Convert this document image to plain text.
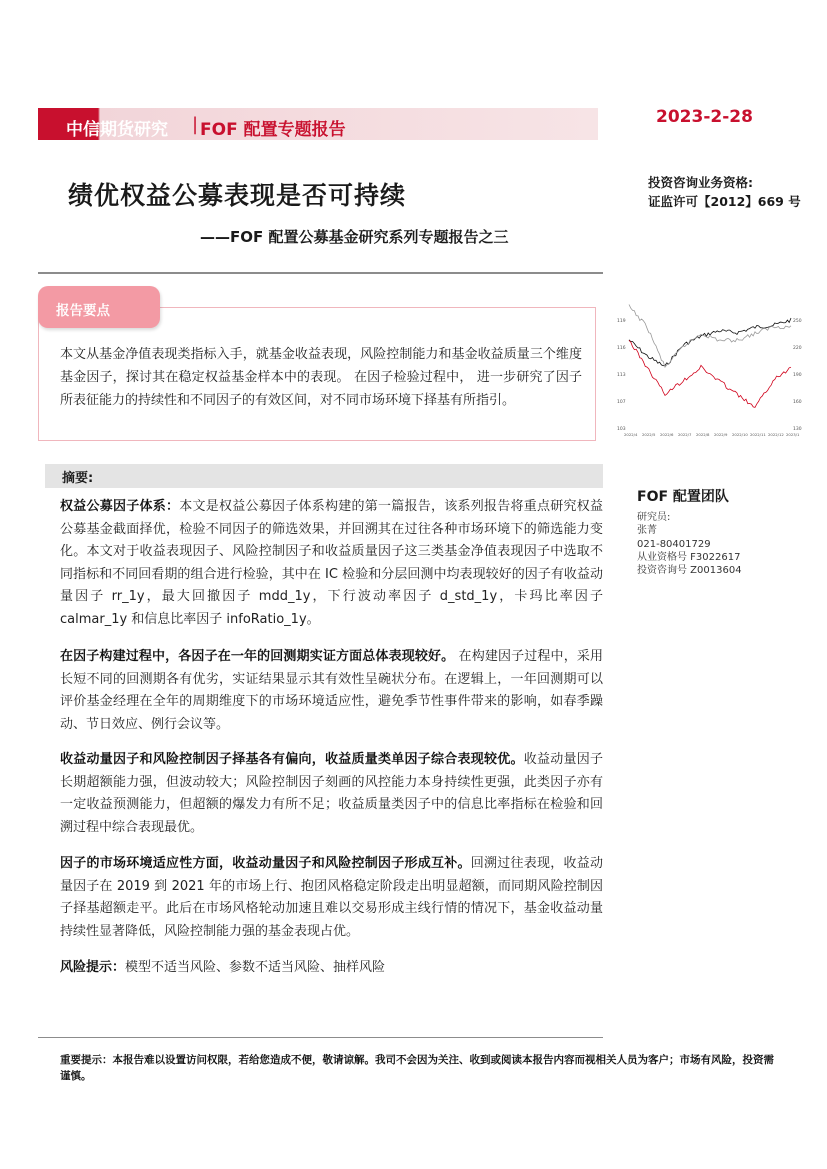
中信期货研究 | FOF 配置专题报告
2023-2-28
投资咨询业务资格:
证监许可【2012】669 号
绩优权益公募表现是否可持续
——FOF 配置公募基金研究系列专题报告之三
报告要点
本文从基金净值表现类指标入手，就基金收益表现，风险控制能力和基金收益质量三个维度基金因子，探讨其在稳定权益基金样本中的表现。 在因子检验过程中， 进一步研究了因子所表征能力的持续性和不同因子的有效区间，对不同市场环境下择基有所指引。
119
116
113
107
103
250
220
190
160
130
2022/4 2022/5 2022/6 2022/7 2022/8 2022/9 2022/10 2022/11 2022/12 2023/1
摘要:
权益公募因子体系：本文是权益公募因子体系构建的第一篇报告，该系列报告将重点研究权益公募基金截面择优，检验不同因子的筛选效果，并回溯其在过往各种市场环境下的筛选能力变化。本文对于收益表现因子、风险控制因子和收益质量因子这三类基金净值表现因子中选取不同指标和不同回看期的组合进行检验，其中在 IC 检验和分层回测中均表现较好的因子有收益动量因子 rr_1y，最大回撤因子 mdd_1y，下行波动率因子 d_std_1y，卡玛比率因子 calmar_1y 和信息比率因子 infoRatio_1y。
在因子构建过程中，各因子在一年的回测期实证方面总体表现较好。 在构建因子过程中，采用长短不同的回测期各有优劣，实证结果显示其有效性呈碗状分布。在逻辑上，一年回测期可以评价基金经理在全年的周期维度下的市场环境适应性，避免季节性事件带来的影响，如春季躁动、节日效应、例行会议等。
收益动量因子和风险控制因子择基各有偏向，收益质量类单因子综合表现较优。收益动量因子长期超额能力强，但波动较大；风险控制因子刻画的风控能力本身持续性更强，此类因子亦有一定收益预测能力，但超额的爆发力有所不足；收益质量类因子中的信息比率指标在检验和回溯过程中综合表现最优。
因子的市场环境适应性方面，收益动量因子和风险控制因子形成互补。回溯过往表现，收益动量因子在 2019 到 2021 年的市场上行、抱团风格稳定阶段走出明显超额，而同期风险控制因子择基超额走平。此后在市场风格轮动加速且难以交易形成主线行情的情况下，基金收益动量持续性显著降低，风险控制能力强的基金表现占优。
风险提示：模型不适当风险、参数不适当风险、抽样风险
FOF 配置团队
研究员:
张菁
021-80401729
从业资格号 F3022617
投资咨询号 Z0013604
重要提示：本报告难以设置访问权限，若给您造成不便，敬请谅解。我司不会因为关注、收到或阅读本报告内容而视相关人员为客户；市场有风险，投资需谨慎。
